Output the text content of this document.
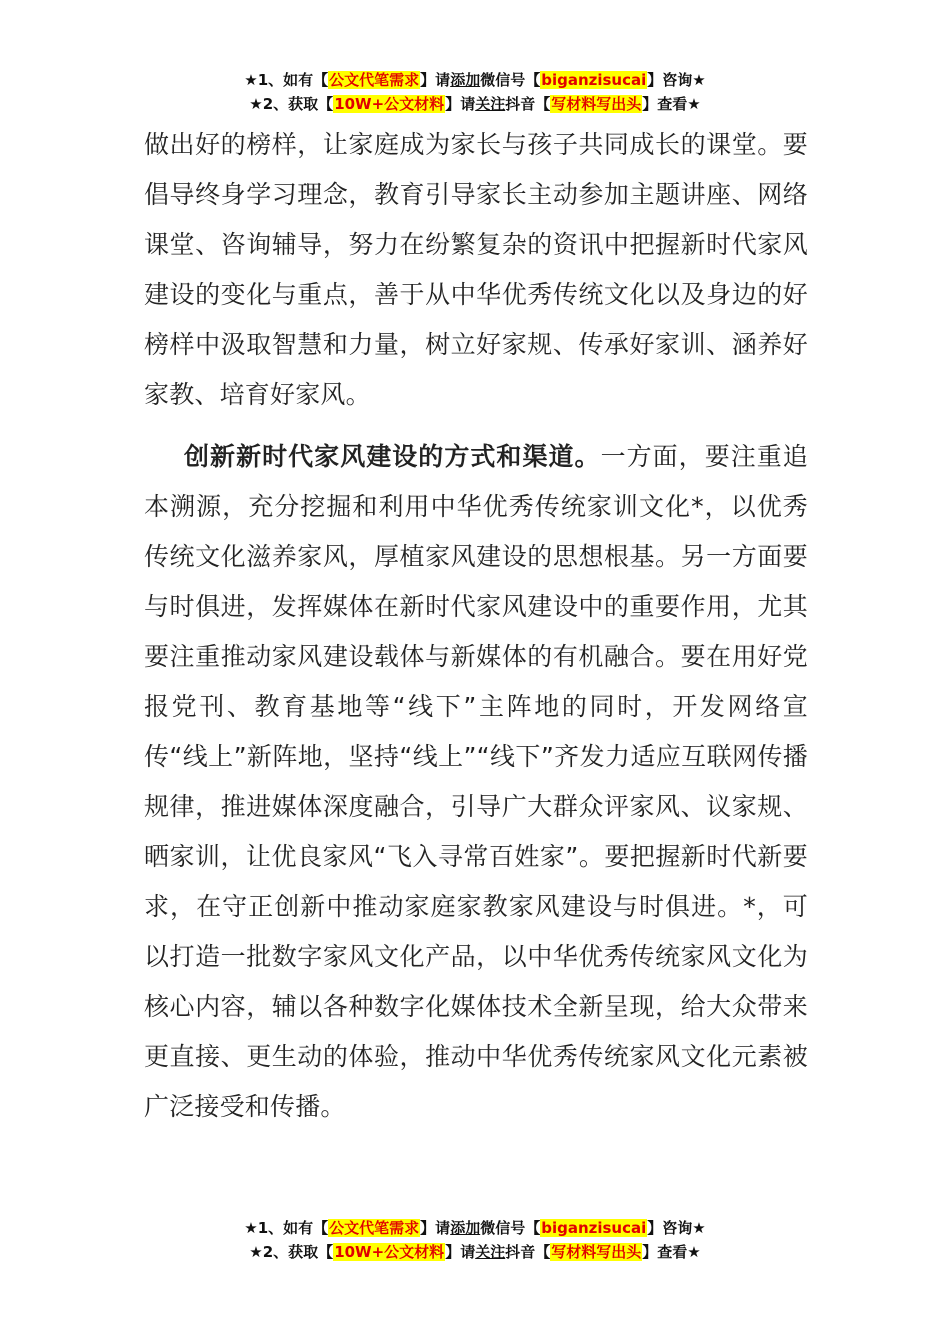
★1、如有【公文代笔需求】请添加微信号【biganzisucai】咨询★
★2、获取【10W+公文材料】请关注抖音【写材料写出头】查看★

做出好的榜样，让家庭成为家长与孩子共同成长的课堂。要倡导终身学习理念，教育引导家长主动参加主题讲座、网络课堂、咨询辅导，努力在纷繁复杂的资讯中把握新时代家风建设的变化与重点，善于从中华优秀传统文化以及身边的好榜样中汲取智慧和力量，树立好家规、传承好家训、涵养好家教、培育好家风。

创新新时代家风建设的方式和渠道。一方面，要注重追本溯源，充分挖掘和利用中华优秀传统家训文化*，以优秀传统文化滋养家风，厚植家风建设的思想根基。另一方面要与时俱进，发挥媒体在新时代家风建设中的重要作用，尤其要注重推动家风建设载体与新媒体的有机融合。要在用好党报党刊、教育基地等“线下”主阵地的同时，开发网络宣传“线上”新阵地，坚持“线上”“线下”齐发力适应互联网传播规律，推进媒体深度融合，引导广大群众评家风、议家规、晒家训，让优良家风“飞入寻常百姓家”。要把握新时代新要求，在守正创新中推动家庭家教家风建设与时俱进。*，可以打造一批数字家风文化产品，以中华优秀传统家风文化为核心内容，辅以各种数字化媒体技术全新呈现，给大众带来更直接、更生动的体验，推动中华优秀传统家风文化元素被广泛接受和传播。

★1、如有【公文代笔需求】请添加微信号【biganzisucai】咨询★
★2、获取【10W+公文材料】请关注抖音【写材料写出头】查看★
